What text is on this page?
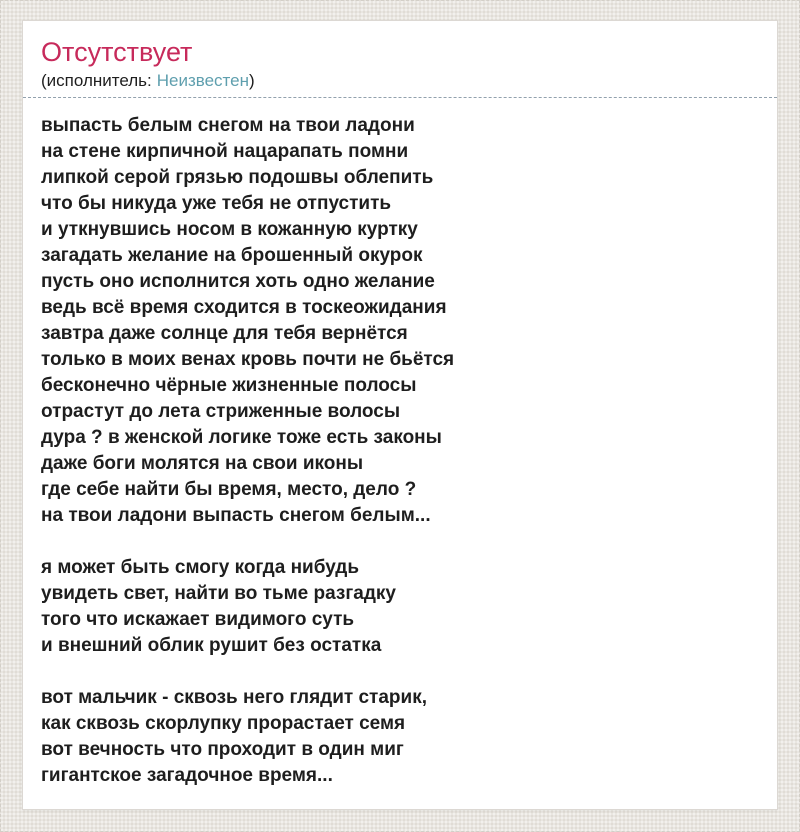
Отсутствует
(исполнитель: Неизвестен)
выпасть белым снегом на твои ладони
на стене кирпичной нацарапать помни
липкой серой грязью подошвы облепить
что бы никуда уже тебя не отпустить
и уткнувшись носом в кожанную куртку
загадать желание на брошенный окурок
пусть оно исполнится хоть одно желание
ведь всё время сходится в тоскеожидания
завтра даже солнце для тебя вернётся
только в моих венах кровь почти не бьётся
бесконечно чёрные жизненные полосы
отрастут до лета стриженные волосы
дура ? в женской логике тоже есть законы
даже боги молятся на свои иконы
где себе найти бы время, место, дело ?
на твои ладони выпасть снегом белым...
я может быть смогу когда нибудь
увидеть свет, найти во тьме разгадку
того что искажает видимого суть
и внешний облик рушит без остатка
вот мальчик - сквозь него глядит старик,
как сквозь скорлупку прорастает семя
вот вечность что проходит в один миг
гигантское загадочное время...
